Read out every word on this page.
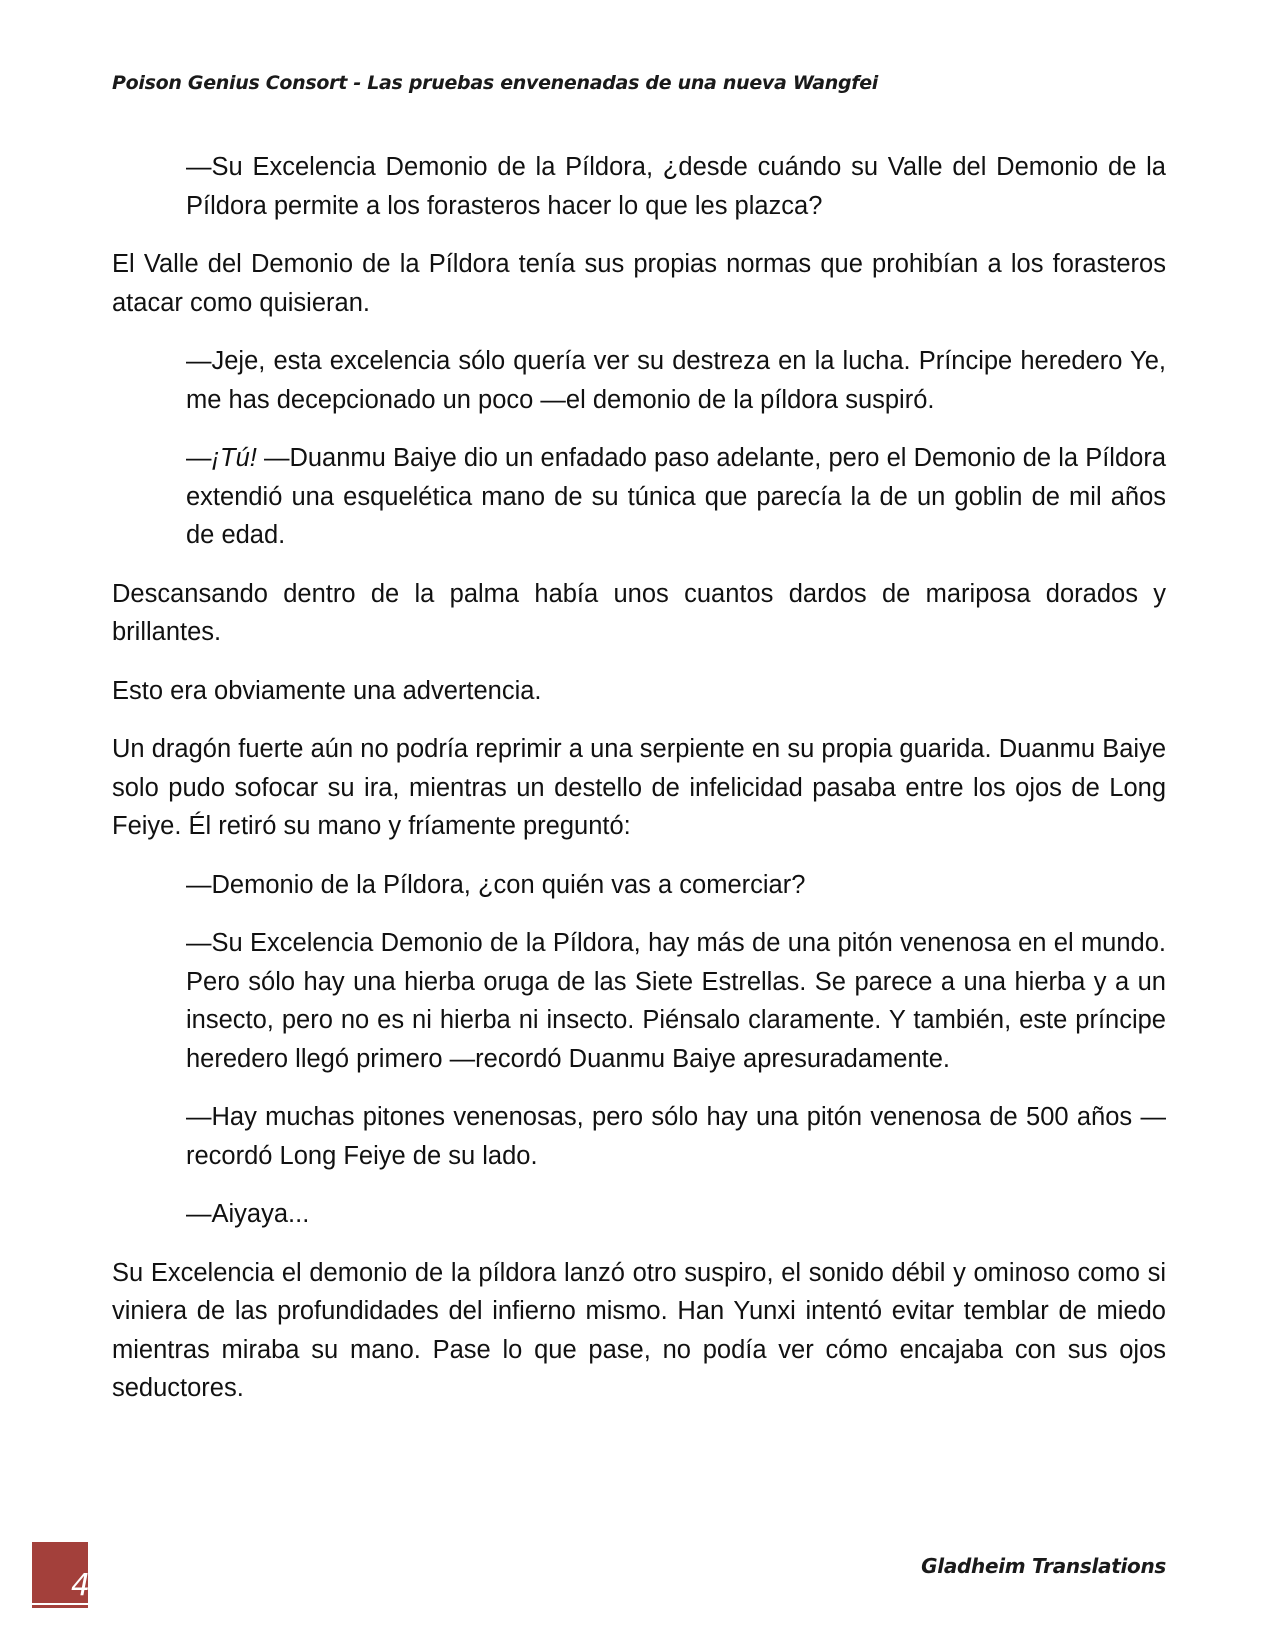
Poison Genius Consort - Las pruebas envenenadas de una nueva Wangfei

—Su Excelencia Demonio de la Píldora, ¿desde cuándo su Valle del Demonio de la Píldora permite a los forasteros hacer lo que les plazca?

El Valle del Demonio de la Píldora tenía sus propias normas que prohibían a los forasteros atacar como quisieran.

—Jeje, esta excelencia sólo quería ver su destreza en la lucha. Príncipe heredero Ye, me has decepcionado un poco —el demonio de la píldora suspiró.

—¡Tú! —Duanmu Baiye dio un enfadado paso adelante, pero el Demonio de la Píldora extendió una esquelética mano de su túnica que parecía la de un goblin de mil años de edad.

Descansando dentro de la palma había unos cuantos dardos de mariposa dorados y brillantes.

Esto era obviamente una advertencia.

Un dragón fuerte aún no podría reprimir a una serpiente en su propia guarida. Duanmu Baiye solo pudo sofocar su ira, mientras un destello de infelicidad pasaba entre los ojos de Long Feiye. Él retiró su mano y fríamente preguntó:

—Demonio de la Píldora, ¿con quién vas a comerciar?

—Su Excelencia Demonio de la Píldora, hay más de una pitón venenosa en el mundo. Pero sólo hay una hierba oruga de las Siete Estrellas. Se parece a una hierba y a un insecto, pero no es ni hierba ni insecto. Piénsalo claramente. Y también, este príncipe heredero llegó primero —recordó Duanmu Baiye apresuradamente.

—Hay muchas pitones venenosas, pero sólo hay una pitón venenosa de 500 años —recordó Long Feiye de su lado.

—Aiyaya...

Su Excelencia el demonio de la píldora lanzó otro suspiro, el sonido débil y ominoso como si viniera de las profundidades del infierno mismo. Han Yunxi intentó evitar temblar de miedo mientras miraba su mano. Pase lo que pase, no podía ver cómo encajaba con sus ojos seductores.

4
Gladheim Translations
